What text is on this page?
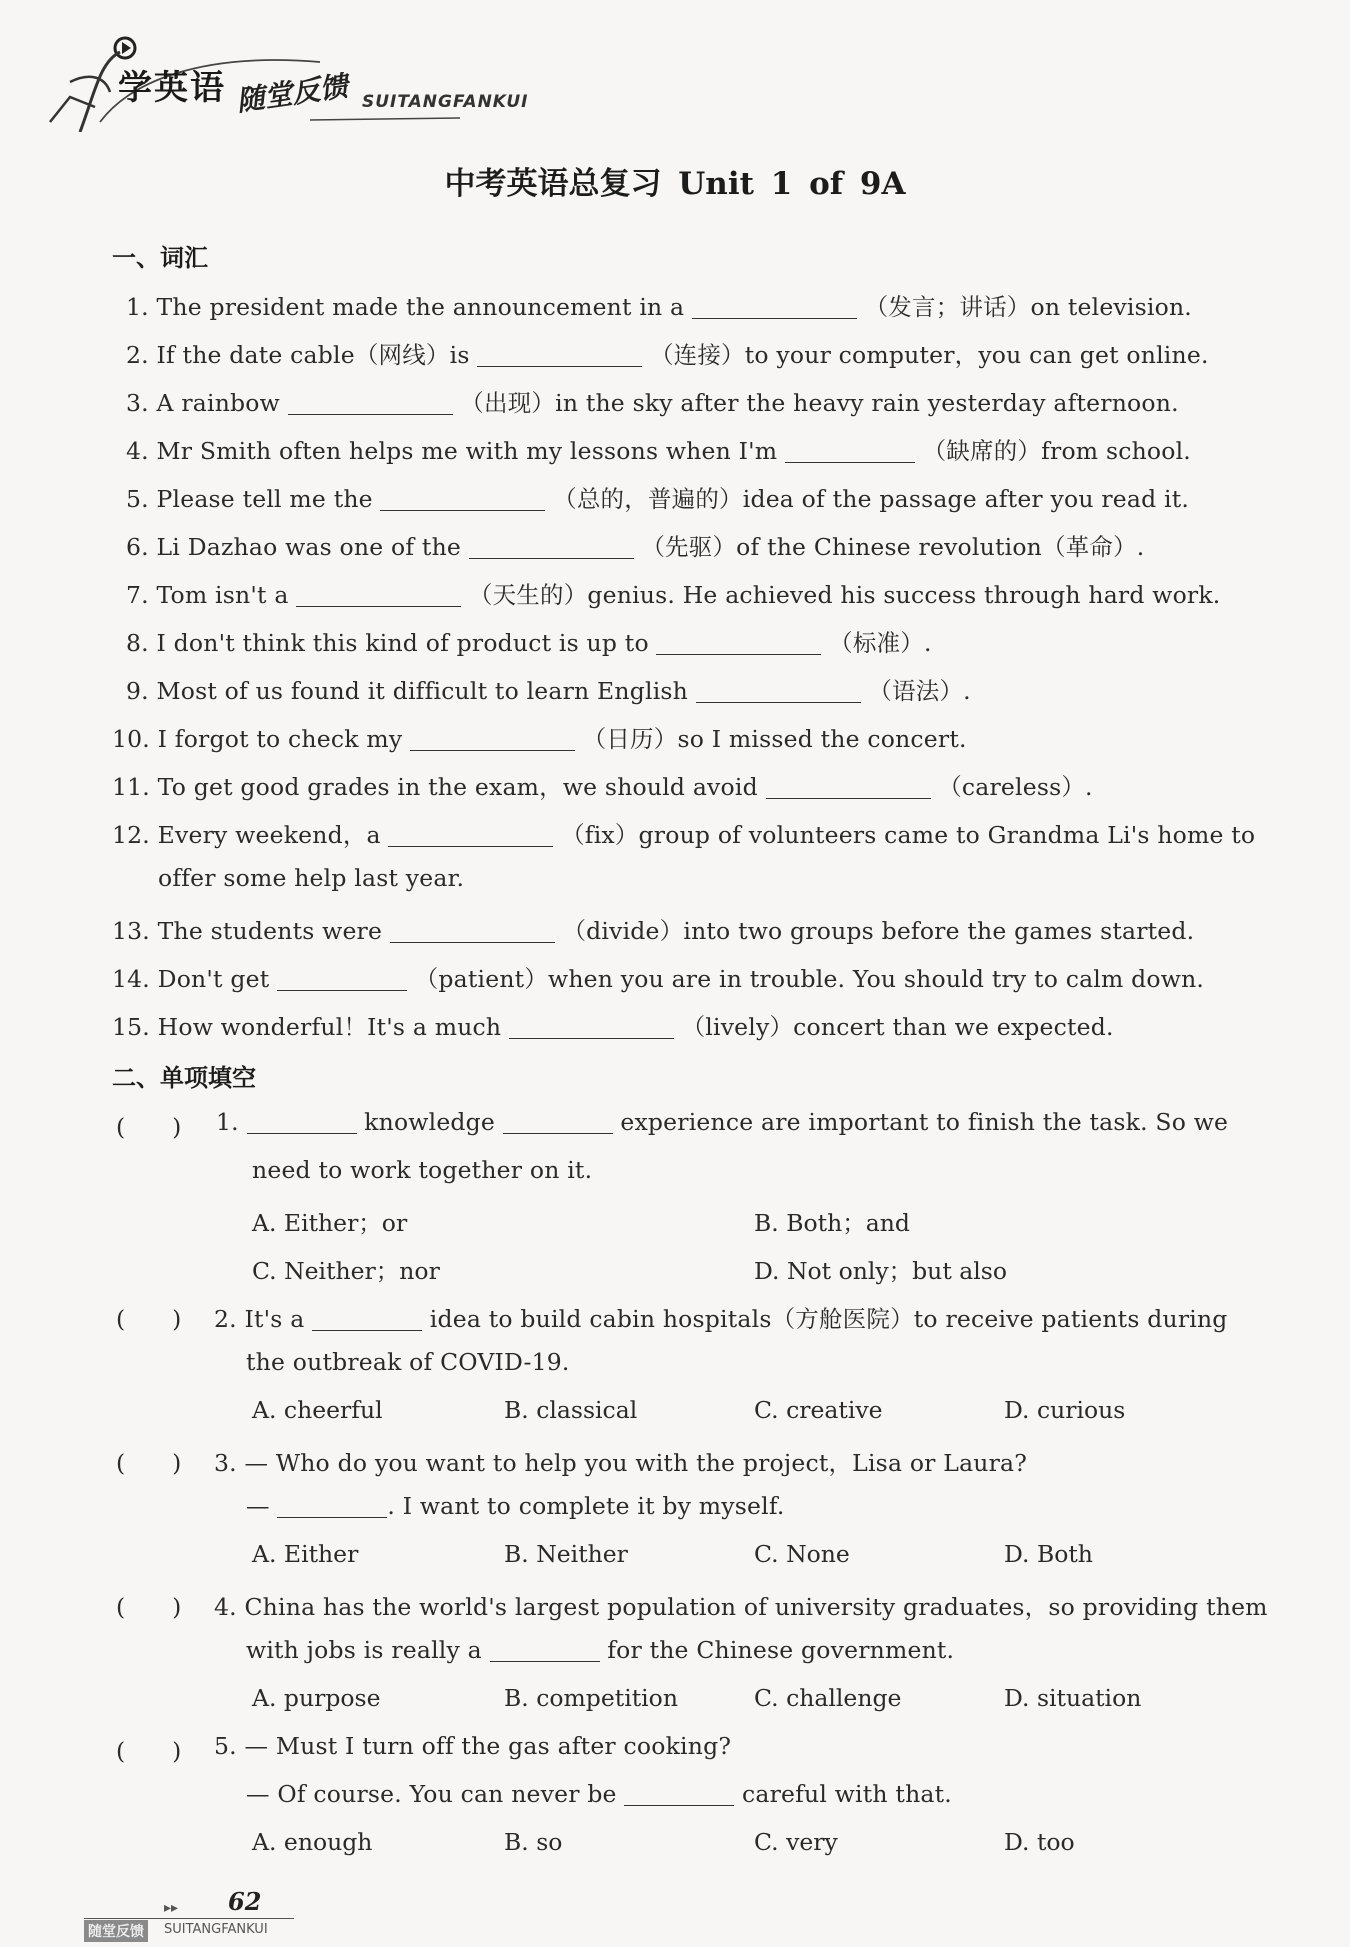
学英语 随堂反馈 SUITANGFANKUI
中考英语总复习 Unit 1 of 9A
一、词汇
1. The president made the announcement in a	（发言；讲话）on television.
2. If the date cable（网线）is	（连接）to your computer，you can get online.
3. A rainbow	（出现）in the sky after the heavy rain yesterday afternoon.
4. Mr Smith often helps me with my lessons when I'm	（缺席的）from school.
5. Please tell me the	（总的，普遍的）idea of the passage after you read it.
6. Li Dazhao was one of the	（先驱）of the Chinese revolution（革命）.
7. Tom isn't a	（天生的）genius. He achieved his success through hard work.
8. I don't think this kind of product is up to	（标准）.
9. Most of us found it difficult to learn English	（语法）.
10. I forgot to check my	（日历）so I missed the concert.
11. To get good grades in the exam，we should avoid	（careless）.
12. Every weekend，a	（fix）group of volunteers came to Grandma Li's home to
offer some help last year.
13. The students were	（divide）into two groups before the games started.
14. Don't get	（patient）when you are in trouble. You should try to calm down.
15. How wonderful！It's a much	（lively）concert than we expected.
二、单项填空
(　　) 1.	knowledge	experience are important to finish the task. So we
need to work together on it.
A. Either；or	B. Both；and
C. Neither；nor	D. Not only；but also
(　　) 2. It's a	idea to build cabin hospitals（方舱医院）to receive patients during
the outbreak of COVID-19.
A. cheerful	B. classical	C. creative	D. curious
(　　) 3. — Who do you want to help you with the project，Lisa or Laura?
—	. I want to complete it by myself.
A. Either	B. Neither	C. None	D. Both
(　　) 4. China has the world's largest population of university graduates，so providing them
with jobs is really a	for the Chinese government.
A. purpose	B. competition	C. challenge	D. situation
(　　) 5. — Must I turn off the gas after cooking?
— Of course. You can never be	careful with that.
A. enough	B. so	C. very	D. too
▸▸ 62
随堂反馈	SUITANGFANKUI
